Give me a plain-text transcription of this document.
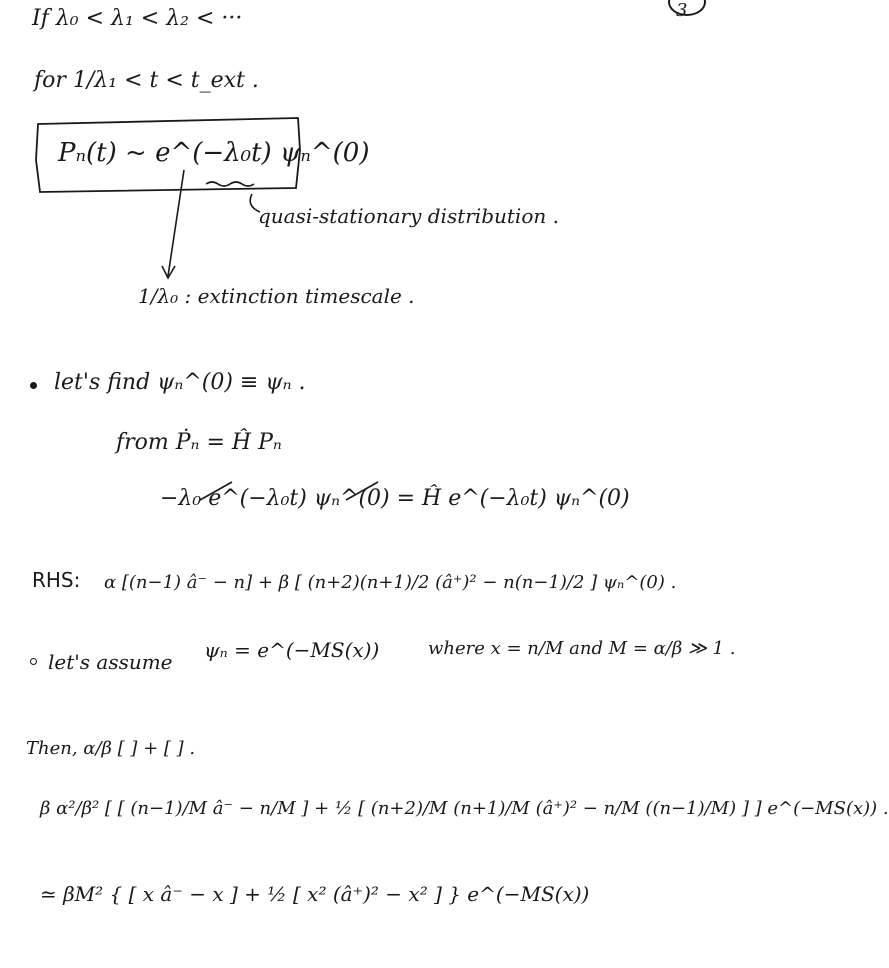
3
If λ₀ < λ₁ < λ₂ < ···
for 1/λ₁ < t < t_ext .
Pₙ(t) ~ e^(−λ₀t) ψₙ^(0)
quasi-stationary distribution .
1/λ₀ : extinction timescale .
let's find ψₙ^(0) ≡ ψₙ .
from Ṗₙ = Ĥ Pₙ
−λ₀ e^(−λ₀t) ψₙ^(0) = Ĥ e^(−λ₀t) ψₙ^(0)
RHS: α [(n−1) â⁻ − n] + β [ (n+2)(n+1)/2 (â⁺)² − n(n−1)/2 ] ψₙ^(0) .
let's assume ψₙ = e^(−MS(x))	where x = n/M and M = α/β ≫ 1 .
Then, α/β [ ] + [ ] .
β α²/β² [ [ (n−1)/M â⁻ − n/M ] + ½ [ (n+2)/M (n+1)/M (â⁺)² − n/M ((n−1)/M) ] ] e^(−MS(x)) .
≃ βM² { [ x â⁻ − x ] + ½ [ x² (â⁺)² − x² ] } e^(−MS(x))
